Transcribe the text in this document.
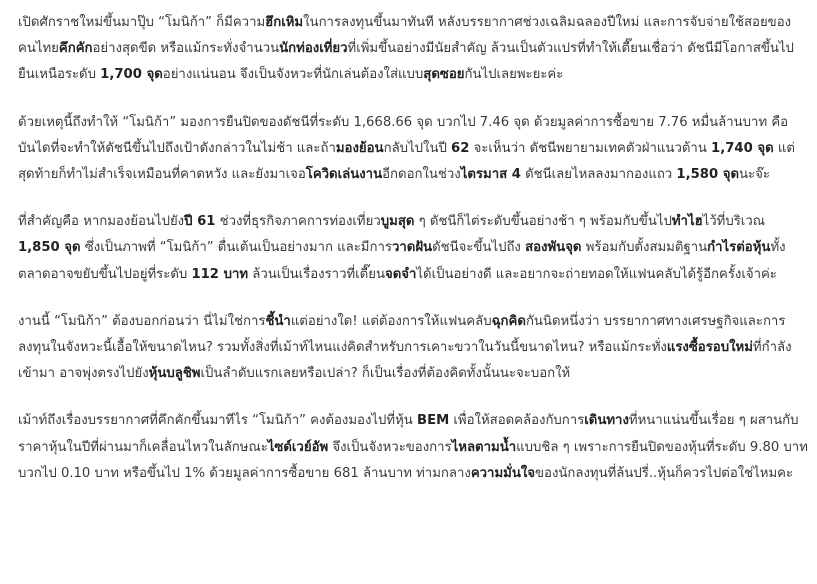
เปิดศักราชใหม่ขึ้นมาปุ๊บ “โมนิก้า” ก็มีความฮึกเหิมในการลงทุนขึ้นมาทันที หลังบรรยากาศช่วงเฉลิมฉลองปีใหม่ และการจับจ่ายใช้สอยของคนไทยคึกคักอย่างสุดขีด หรือแม้กระทั่งจำนวนนักท่องเที่ยวที่เพิ่มขึ้นอย่างมีนัยสำคัญ ล้วนเป็นตัวแปรที่ทำให้เตี๊ยนเชื่อว่า ดัชนีมีโอกาสขึ้นไปยืนเหนือระดับ 1,700 จุดอย่างแน่นอน จึงเป็นจังหวะที่นักเล่นต้องใส่แบบสุดซอยกันไปเลยพะยะค่ะ

ด้วยเหตุนี้ถึงทำให้ “โมนิก้า” มองการยืนปิดของดัชนีที่ระดับ 1,668.66 จุด บวกไป 7.46 จุด ด้วยมูลค่าการซื้อขาย 7.76 หมื่นล้านบาท คือบันไดที่จะทำให้ดัชนีขึ้นไปถึงเป้าดังกล่าวในไม่ช้า และถ้ามองย้อนกลับไปในปี 62 จะเห็นว่า ดัชนีพยายามเทคตัวฝ่าแนวต้าน 1,740 จุด แต่สุดท้ายก็ทำไม่สำเร็จเหมือนที่คาดหวัง และยังมาเจอโควิดเล่นงานอีกดอกในช่วงไตรมาส 4 ดัชนีเลยไหลลงมากองแถว 1,580 จุดนะจ๊ะ

ที่สำคัญคือ หากมองย้อนไปยังปี 61 ช่วงที่ธุรกิจภาคการท่องเที่ยวบูมสุด ๆ ดัชนีก็ไต่ระดับขึ้นอย่างช้า ๆ พร้อมกับขึ้นไปทำไฮไว้ที่บริเวณ 1,850 จุด ซึ่งเป็นภาพที่ “โมนิก้า” ตื่นเต้นเป็นอย่างมาก และมีการวาดฝันดัชนีจะขึ้นไปถึง สองพันจุด พร้อมกับตั้งสมมติฐานกำไรต่อหุ้นทั้งตลาดอาจขยับขึ้นไปอยู่ที่ระดับ 112 บาท ล้วนเป็นเรื่องราวที่เตี๊ยนจดจำได้เป็นอย่างดี และอยากจะถ่ายทอดให้แฟนคลับได้รู้อีกครั้งเจ้าค่ะ

งานนี้ “โมนิก้า” ต้องบอกก่อนว่า นี่ไม่ใช่การชี้นำแต่อย่างใด! แต่ต้องการให้แฟนคลับฉุกคิดกันนิดหนึ่งว่า บรรยากาศทางเศรษฐกิจและการลงทุนในจังหวะนี้เอื้อให้ขนาดไหน? รวมทั้งสิ่งที่เม้าท์ไหนแง่คิดสำหรับการเคาะขวาในวันนี้ขนาดไหน? หรือแม้กระทั่งแรงซื้อรอบใหม่ที่กำลังเข้ามา อาจพุ่งตรงไปยังหุ้นบลูชิพเป็นลำดับแรกเลยหรือเปล่า? ก็เป็นเรื่องที่ต้องคิดทั้งนั้นนะจะบอกให้

เม้าท์ถึงเรื่องบรรยากาศที่คึกคักขึ้นมาทีไร “โมนิก้า” คงต้องมองไปที่หุ้น BEM เพื่อให้สอดคล้องกับการเดินทางที่หนาแน่นขึ้นเรื่อย ๆ ผสานกับราคาหุ้นในปีที่ผ่านมาก็เคลื่อนไหวในลักษณะไซด์เวย์อัพ จึงเป็นจังหวะของการไหลตามน้ำแบบชิล ๆ เพราะการยืนปิดของหุ้นที่ระดับ 9.80 บาท บวกไป 0.10 บาท หรือขึ้นไป 1% ด้วยมูลค่าการซื้อขาย 681 ล้านบาท ท่ามกลางความมั่นใจของนักลงทุนที่ล้นปรี่..หุ้นก็ควรไปต่อใช่ไหมคะ
